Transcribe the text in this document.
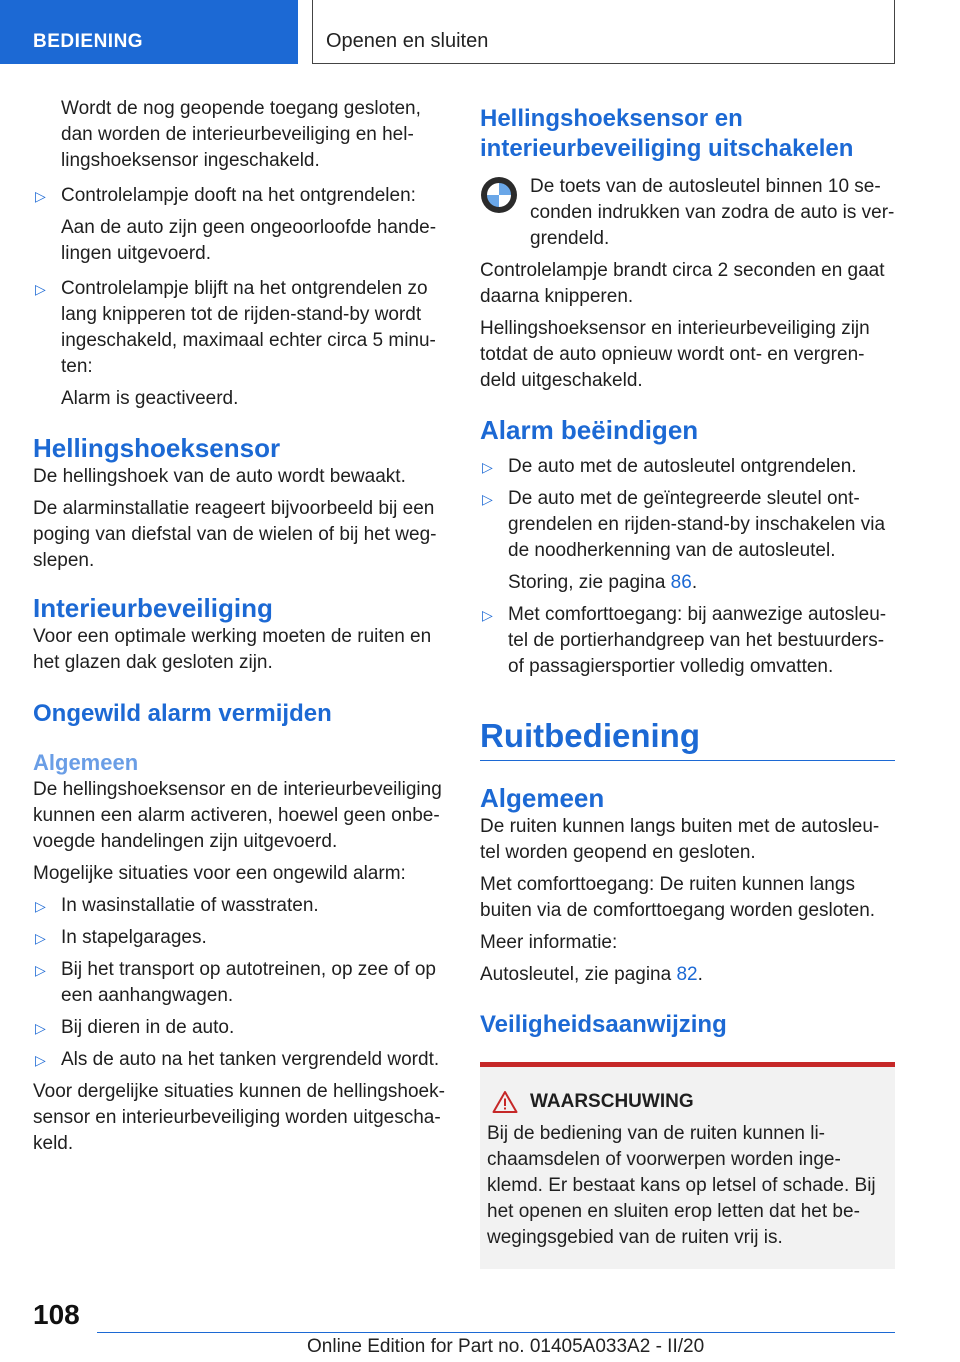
BEDIENING	Openen en sluiten

Wordt de nog geopende toegang gesloten, dan worden de interieurbeveiliging en hel-lingshoeksensor ingeschakeld.

▷ Controlelampje dooft na het ontgrendelen:

Aan de auto zijn geen ongeoorloofde hande-lingen uitgevoerd.

▷ Controlelampje blijft na het ontgrendelen zo lang knipperen tot de rijden-stand-by wordt ingeschakeld, maximaal echter circa 5 minu-ten:

Alarm is geactiveerd.

Hellingshoeksensor

De hellingshoek van de auto wordt bewaakt.

De alarminstallatie reageert bijvoorbeeld bij een poging van diefstal van de wielen of bij het weg-slepen.

Interieurbeveiliging

Voor een optimale werking moeten de ruiten en het glazen dak gesloten zijn.

Ongewild alarm vermijden
Algemeen

De hellingshoeksensor en de interieurbeveiliging kunnen een alarm activeren, hoewel geen onbe-voegde handelingen zijn uitgevoerd.

Mogelijke situaties voor een ongewild alarm:

▷ In wasinstallatie of wasstraten.

▷ In stapelgarages.

▷ Bij het transport op autotreinen, op zee of op een aanhangwagen.

▷ Bij dieren in de auto.

▷ Als de auto na het tanken vergrendeld wordt.

Voor dergelijke situaties kunnen de hellingshoek-sensor en interieurbeveiliging worden uitgescha-keld.

Hellingshoeksensor en interieurbeveiliging uitschakelen

De toets van de autosleutel binnen 10 se-conden indrukken van zodra de auto is ver-grendeld.

Controlelampje brandt circa 2 seconden en gaat daarna knipperen.

Hellingshoeksensor en interieurbeveiliging zijn totdat de auto opnieuw wordt ont- en vergren-deld uitgeschakeld.

Alarm beëindigen
▷ De auto met de autosleutel ontgrendelen.

▷ De auto met de geïntegreerde sleutel ont-grendelen en rijden-stand-by inschakelen via de noodherkenning van de autosleutel.

Storing, zie pagina 86.

▷ Met comforttoegang: bij aanwezige autosleu-tel de portierhandgreep van het bestuurders- of passagiersportier volledig omvatten.

Ruitbediening
Algemeen

De ruiten kunnen langs buiten met de autosleu-tel worden geopend en gesloten.

Met comforttoegang: De ruiten kunnen langs buiten via de comforttoegang worden gesloten.

Meer informatie:

Autosleutel, zie pagina 82.

Veiligheidsaanwijzing
WAARSCHUWING

Bij de bediening van de ruiten kunnen li-chaamsdelen of voorwerpen worden inge-klemd. Er bestaat kans op letsel of schade. Bij het openen en sluiten erop letten dat het be-wegingsgebied van de ruiten vrij is.

108
Online Edition for Part no. 01405A033A2 - II/20
